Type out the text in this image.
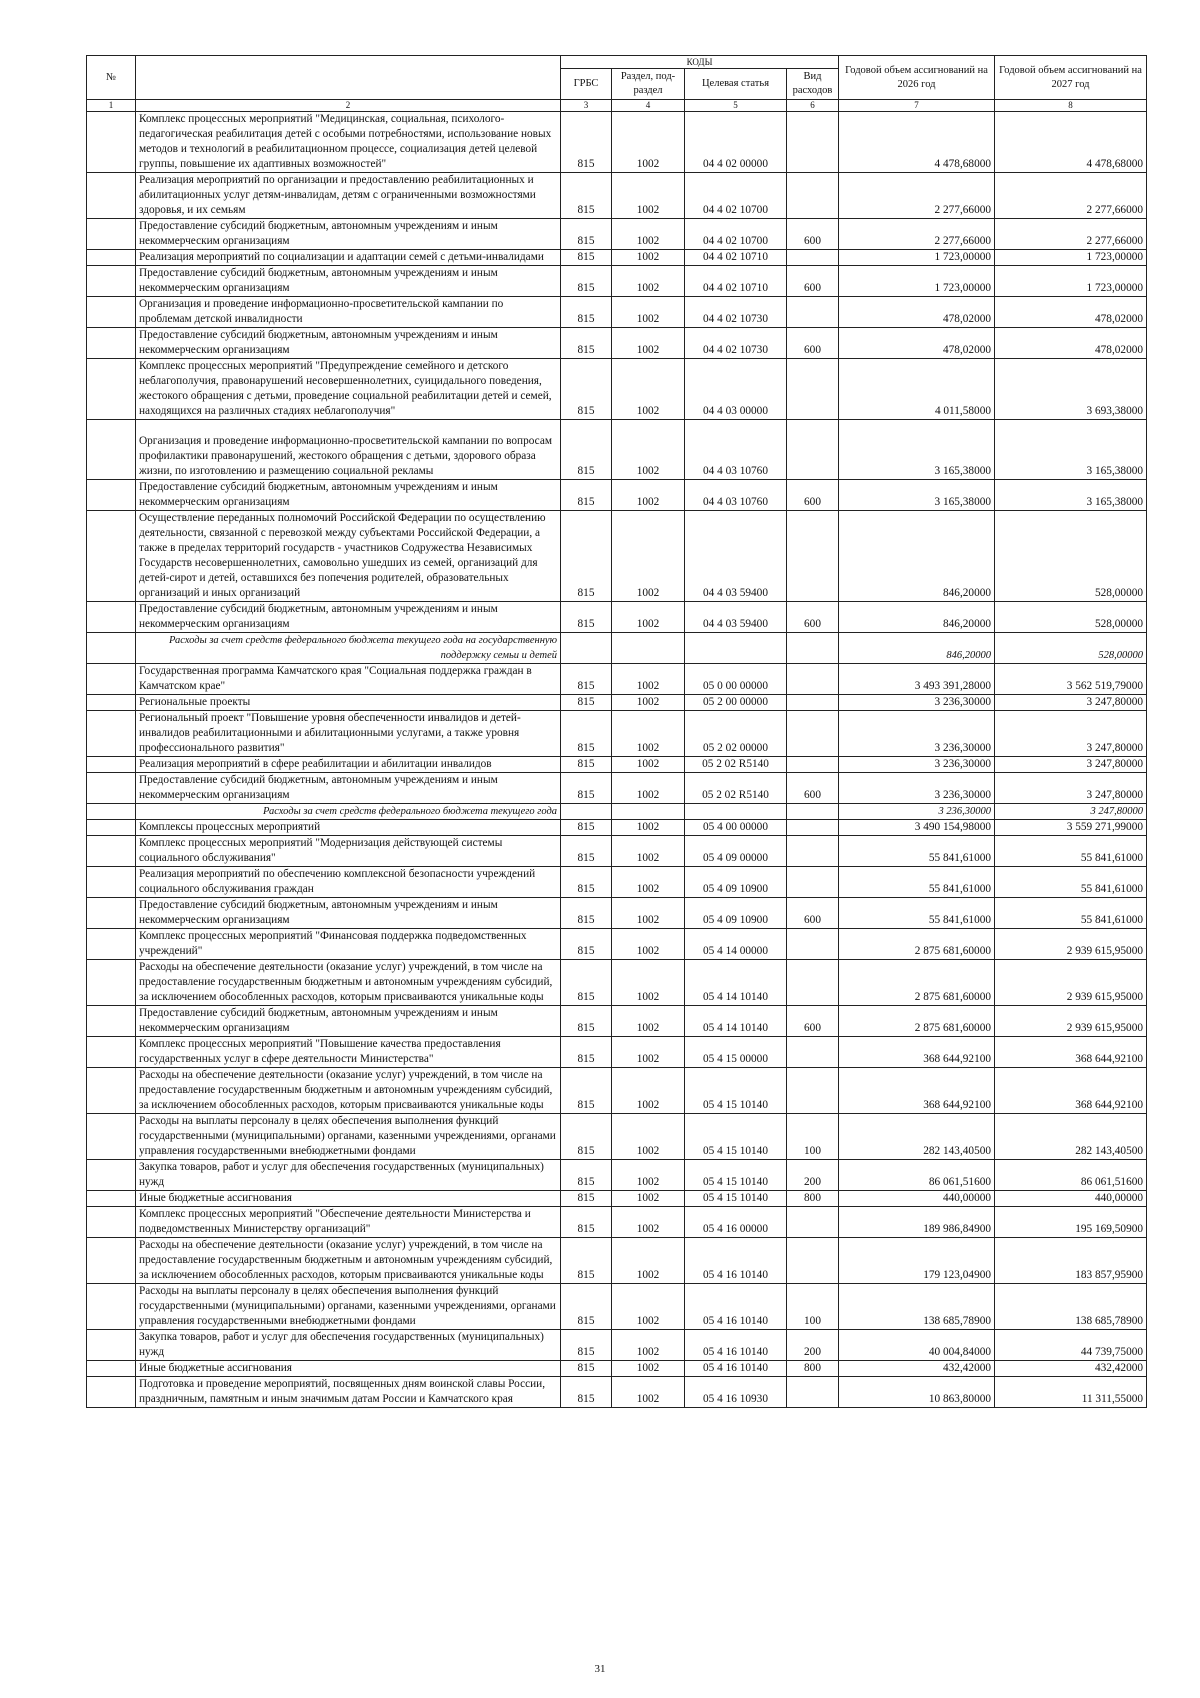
№		КОДЫ				Годовой объем ассигнований на 2026 год	Годовой объем ассигнований на 2027 год
		ГРБС	Раздел, под-раздел	Целевая статья	Вид расходов		
1	2	3	4	5	6	7	8
	Комплекс процессных мероприятий "Медицинская, социальная, психолого-педагогическая реабилитация детей с особыми потребностями, использование новых методов и технологий в реабилитационном процессе, социализация детей целевой группы, повышение их адаптивных возможностей"	815	1002	04 4 02 00000		4 478,68000	4 478,68000
	Реализация мероприятий по организации и предоставлению реабилитационных и абилитационных услуг детям-инвалидам, детям с ограниченными возможностями здоровья, и их семьям	815	1002	04 4 02 10700		2 277,66000	2 277,66000
	Предоставление субсидий бюджетным, автономным учреждениям и иным некоммерческим организациям	815	1002	04 4 02 10700	600	2 277,66000	2 277,66000
	Реализация мероприятий по социализации и адаптации семей с детьми-инвалидами	815	1002	04 4 02 10710		1 723,00000	1 723,00000
	Предоставление субсидий бюджетным, автономным учреждениям и иным некоммерческим организациям	815	1002	04 4 02 10710	600	1 723,00000	1 723,00000
	Организация и проведение информационно-просветительской кампании по проблемам детской инвалидности	815	1002	04 4 02 10730		478,02000	478,02000
	Предоставление субсидий бюджетным, автономным учреждениям и иным некоммерческим организациям	815	1002	04 4 02 10730	600	478,02000	478,02000
	Комплекс процессных мероприятий "Предупреждение семейного и детского неблагополучия, правонарушений несовершеннолетних, суицидального поведения, жестокого обращения с детьми, проведение социальной реабилитации детей и семей, находящихся на различных стадиях неблагополучия"	815	1002	04 4 03 00000		4 011,58000	3 693,38000
	Организация и проведение информационно-просветительской кампании по вопросам профилактики правонарушений, жестокого обращения с детьми, здорового образа жизни, по изготовлению и размещению социальной рекламы	815	1002	04 4 03 10760		3 165,38000	3 165,38000
	Предоставление субсидий бюджетным, автономным учреждениям и иным некоммерческим организациям	815	1002	04 4 03 10760	600	3 165,38000	3 165,38000
	Осуществление переданных полномочий Российской Федерации по осуществлению деятельности, связанной с перевозкой между субъектами Российской Федерации, а также в пределах территорий государств - участников Содружества Независимых Государств несовершеннолетних, самовольно ушедших из семей, организаций для детей-сирот и детей, оставшихся без попечения родителей, образовательных организаций и иных организаций	815	1002	04 4 03 59400		846,20000	528,00000
	Предоставление субсидий бюджетным, автономным учреждениям и иным некоммерческим организациям	815	1002	04 4 03 59400	600	846,20000	528,00000
	Расходы за счет средств федерального бюджета текущего года на государственную поддержку семьи и детей					846,20000	528,00000
	Государственная программа Камчатского края "Социальная поддержка граждан в Камчатском крае"	815	1002	05 0 00 00000		3 493 391,28000	3 562 519,79000
	Региональные проекты	815	1002	05 2 00 00000		3 236,30000	3 247,80000
	Региональный проект "Повышение уровня обеспеченности инвалидов и детей-инвалидов реабилитационными и абилитационными услугами, а также уровня профессионального развития"	815	1002	05 2 02 00000		3 236,30000	3 247,80000
	Реализация мероприятий в сфере реабилитации и абилитации инвалидов	815	1002	05 2 02 R5140		3 236,30000	3 247,80000
	Предоставление субсидий бюджетным, автономным учреждениям и иным некоммерческим организациям	815	1002	05 2 02 R5140	600	3 236,30000	3 247,80000
	Расходы за счет средств федерального бюджета текущего года					3 236,30000	3 247,80000
	Комплексы процессных мероприятий	815	1002	05 4 00 00000		3 490 154,98000	3 559 271,99000
	Комплекс процессных мероприятий "Модернизация действующей системы социального обслуживания"	815	1002	05 4 09 00000		55 841,61000	55 841,61000
	Реализация мероприятий по обеспечению комплексной безопасности учреждений социального обслуживания граждан	815	1002	05 4 09 10900		55 841,61000	55 841,61000
	Предоставление субсидий бюджетным, автономным учреждениям и иным некоммерческим организациям	815	1002	05 4 09 10900	600	55 841,61000	55 841,61000
	Комплекс процессных мероприятий "Финансовая поддержка подведомственных учреждений"	815	1002	05 4 14 00000		2 875 681,60000	2 939 615,95000
	Расходы на обеспечение деятельности (оказание услуг) учреждений, в том числе на предоставление государственным бюджетным и автономным учреждениям субсидий, за исключением обособленных расходов, которым присваиваются уникальные коды	815	1002	05 4 14 10140		2 875 681,60000	2 939 615,95000
	Предоставление субсидий бюджетным, автономным учреждениям и иным некоммерческим организациям	815	1002	05 4 14 10140	600	2 875 681,60000	2 939 615,95000
	Комплекс процессных мероприятий "Повышение качества предоставления государственных услуг в сфере деятельности Министерства"	815	1002	05 4 15 00000		368 644,92100	368 644,92100
	Расходы на обеспечение деятельности (оказание услуг) учреждений, в том числе на предоставление государственным бюджетным и автономным учреждениям субсидий, за исключением обособленных расходов, которым присваиваются уникальные коды	815	1002	05 4 15 10140		368 644,92100	368 644,92100
	Расходы на выплаты персоналу в целях обеспечения выполнения функций государственными (муниципальными) органами, казенными учреждениями, органами управления государственными внебюджетными фондами	815	1002	05 4 15 10140	100	282 143,40500	282 143,40500
	Закупка товаров, работ и услуг для обеспечения государственных (муниципальных) нужд	815	1002	05 4 15 10140	200	86 061,51600	86 061,51600
	Иные бюджетные ассигнования	815	1002	05 4 15 10140	800	440,00000	440,00000
	Комплекс процессных мероприятий "Обеспечение деятельности Министерства и подведомственных Министерству организаций"	815	1002	05 4 16 00000		189 986,84900	195 169,50900
	Расходы на обеспечение деятельности (оказание услуг) учреждений, в том числе на предоставление государственным бюджетным и автономным учреждениям субсидий, за исключением обособленных расходов, которым присваиваются уникальные коды	815	1002	05 4 16 10140		179 123,04900	183 857,95900
	Расходы на выплаты персоналу в целях обеспечения выполнения функций государственными (муниципальными) органами, казенными учреждениями, органами управления государственными внебюджетными фондами	815	1002	05 4 16 10140	100	138 685,78900	138 685,78900
	Закупка товаров, работ и услуг для обеспечения государственных (муниципальных) нужд	815	1002	05 4 16 10140	200	40 004,84000	44 739,75000
	Иные бюджетные ассигнования	815	1002	05 4 16 10140	800	432,42000	432,42000
	Подготовка и проведение мероприятий, посвященных дням воинской славы России, праздничным, памятным и иным значимым датам России и Камчатского края	815	1002	05 4 16 10930		10 863,80000	11 311,55000
31
